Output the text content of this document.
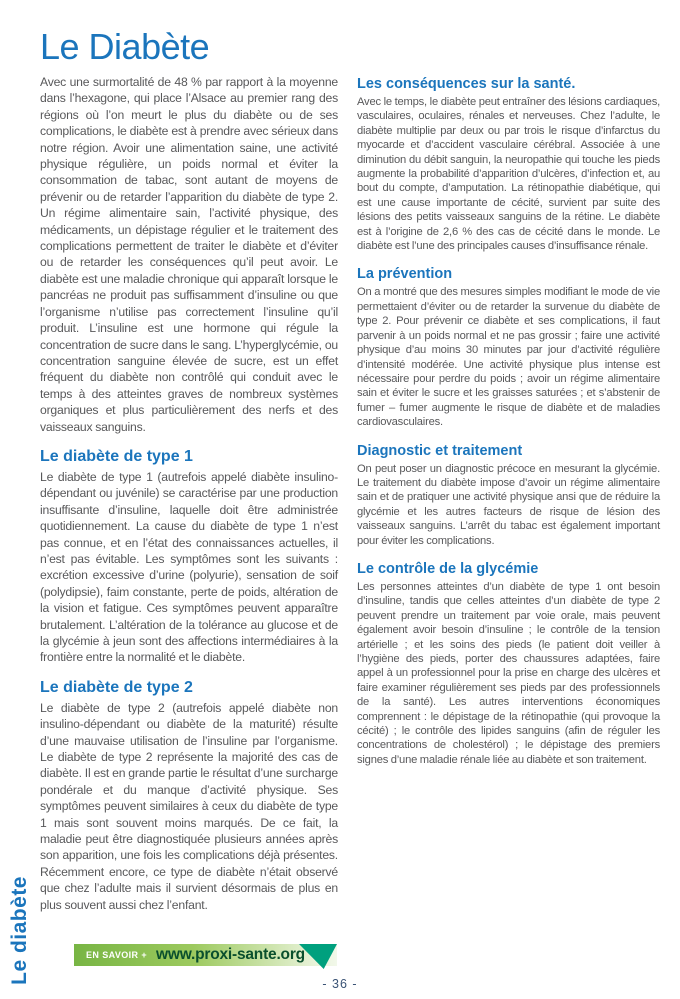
Le Diabète

Avec une surmortalité de 48 % par rapport à la moyenne dans l’hexagone, qui place l’Alsace au premier rang des régions où l’on meurt le plus du diabète ou de ses complications, le diabète est à prendre avec sérieux dans notre région. Avoir une alimentation saine, une activité physique régulière, un poids normal et éviter la consommation de tabac, sont autant de moyens de prévenir ou de retarder l’apparition du diabète de type 2. Un régime alimentaire sain, l’activité physique, des médicaments, un dépistage régulier et le traitement des complications permettent de traiter le diabète et d’éviter ou de retarder les conséquences qu’il peut avoir. Le diabète est une maladie chronique qui apparaît lorsque le pancréas ne produit pas suffisamment d’insuline ou que l’organisme n’utilise pas correctement l’insuline qu’il produit. L’insuline est une hormone qui régule la concentration de sucre dans le sang. L’hyperglycémie, ou concentration sanguine élevée de sucre, est un effet fréquent du diabète non contrôlé qui conduit avec le temps à des atteintes graves de nombreux systèmes organiques et plus particulièrement des nerfs et des vaisseaux sanguins.

Le diabète de type 1

Le diabète de type 1 (autrefois appelé diabète insulino-dépendant ou juvénile) se caractérise par une production insuffisante d’insuline, laquelle doit être administrée quotidiennement. La cause du diabète de type 1 n’est pas connue, et en l’état des connaissances actuelles, il n’est pas évitable. Les symptômes sont les suivants : excrétion excessive d’urine (polyurie), sensation de soif (polydipsie), faim constante, perte de poids, altération de la vision et fatigue. Ces symptômes peuvent apparaître brutalement. L’altération de la tolérance au glucose et de la glycémie à jeun sont des affections intermédiaires à la frontière entre la normalité et le diabète.

Le diabète de type 2

Le diabète de type 2 (autrefois appelé diabète non insulino-dépendant ou diabète de la maturité) résulte d’une mauvaise utilisation de l’insuline par l’organisme. Le diabète de type 2 représente la majorité des cas de diabète. Il est en grande partie le résultat d’une surcharge pondérale et du manque d’activité physique. Ses symptômes peuvent similaires à ceux du diabète de type 1 mais sont souvent moins marqués. De ce fait, la maladie peut être diagnostiquée plusieurs années après son apparition, une fois les complications déjà présentes. Récemment encore, ce type de diabète n’était observé que chez l’adulte mais il survient désormais de plus en plus souvent aussi chez l’enfant.

Les conséquences sur la santé.

Avec le temps, le diabète peut entraîner des lésions cardiaques, vasculaires, oculaires, rénales et nerveuses. Chez l’adulte, le diabète multiplie par deux ou par trois le risque d’infarctus du myocarde et d’accident vasculaire cérébral. Associée à une diminution du débit sanguin, la neuropathie qui touche les pieds augmente la probabilité d’apparition d’ulcères, d’infection et, au bout du compte, d’amputation. La rétinopathie diabétique, qui est une cause importante de cécité, survient par suite des lésions des petits vaisseaux sanguins de la rétine. Le diabète est à l’origine de 2,6 % des cas de cécité dans le monde. Le diabète est l’une des principales causes d’insuffisance rénale.

La prévention

On a montré que des mesures simples modifiant le mode de vie permettaient d’éviter ou de retarder la survenue du diabète de type 2. Pour prévenir ce diabète et ses complications, il faut parvenir à un poids normal et ne pas grossir ; faire une activité physique d’au moins 30 minutes par jour d’activité régulière d’intensité modérée. Une activité physique plus intense est nécessaire pour perdre du poids ; avoir un régime alimentaire sain et éviter le sucre et les graisses saturées ; et s’abstenir de fumer – fumer augmente le risque de diabète et de maladies cardiovasculaires.

Diagnostic et traitement

On peut poser un diagnostic précoce en mesurant la glycémie. Le traitement du diabète impose d’avoir un régime alimentaire sain et de pratiquer une activité physique ansi que de réduire la glycémie et les autres facteurs de risque de lésion des vaisseaux sanguins. L’arrêt du tabac est également important pour éviter les complications.

Le contrôle de la glycémie

Les personnes atteintes d’un diabète de type 1 ont besoin d’insuline, tandis que celles atteintes d’un diabète de type 2 peuvent prendre un traitement par voie orale, mais peuvent également avoir besoin d’insuline ; le contrôle de la tension artérielle ; et les soins des pieds (le patient doit veiller à l’hygiène des pieds, porter des chaussures adaptées, faire appel à un professionnel pour la prise en charge des ulcères et faire examiner régulièrement ses pieds par des professionnels de la santé). Les autres interventions économiques comprennent : le dépistage de la rétinopathie (qui provoque la cécité) ; le contrôle des lipides sanguins (afin de réguler les concentrations de cholestérol) ; le dépistage des premiers signes d’une maladie rénale liée au diabète et son traitement.

Le diabète	EN SAVOIR + www.proxi-sante.org
- 36 -
